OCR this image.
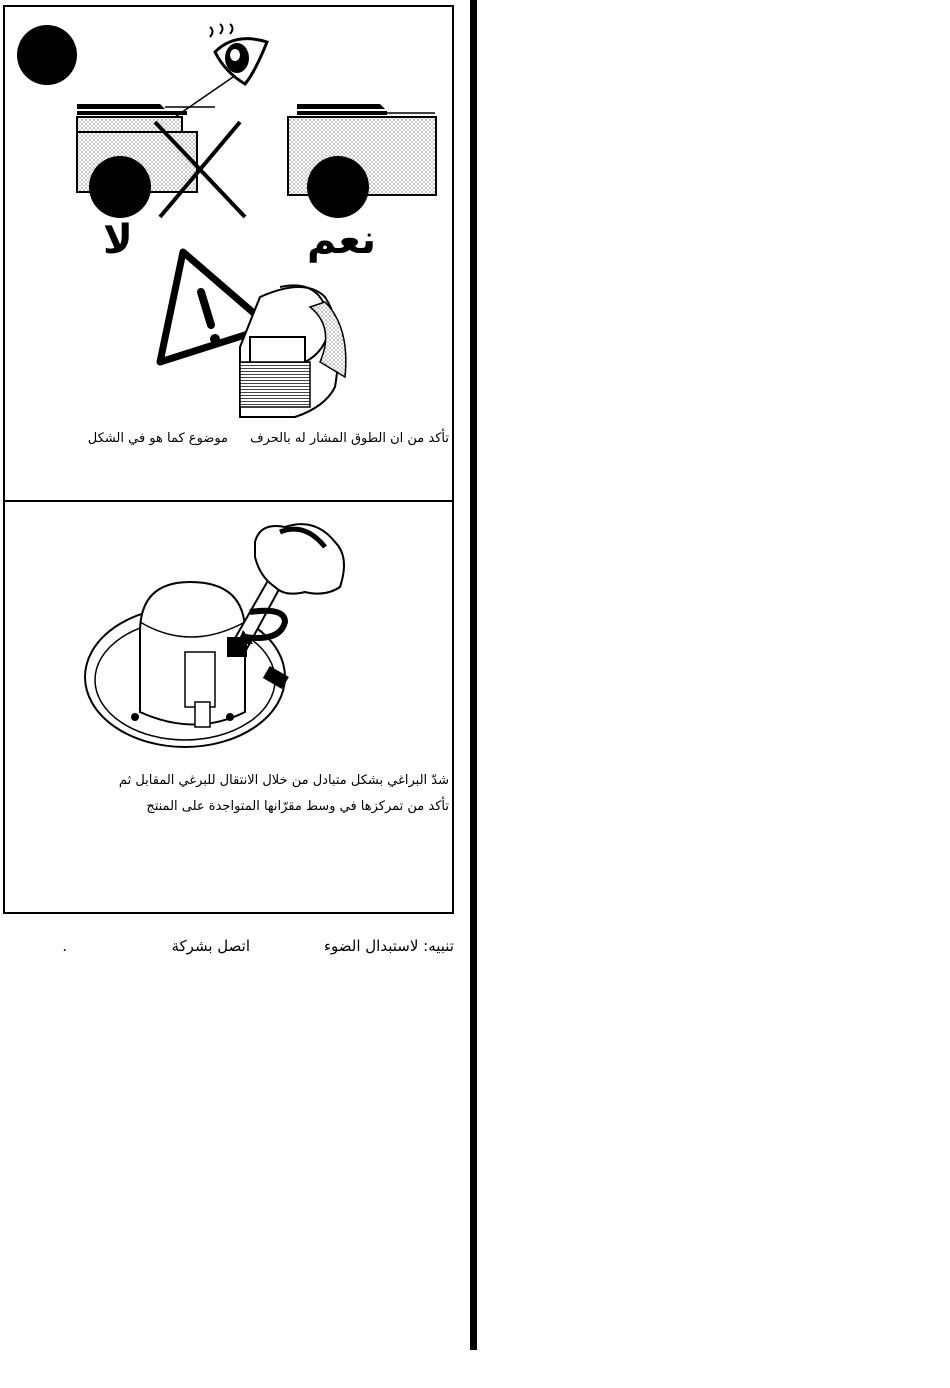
لا	نعم
تأكد من ان الطوق المشار له بالحرف
موضوع كما هو في الشكل
شدّ البراغي بشكل متبادل من خلال الانتقال للبرغي المقابل ثم
تأكد من تمركزها في وسط مقرّانها المتواجدة على المنتج
تنبيه: لاستبدال الضوء
اتصل بشركة
.
